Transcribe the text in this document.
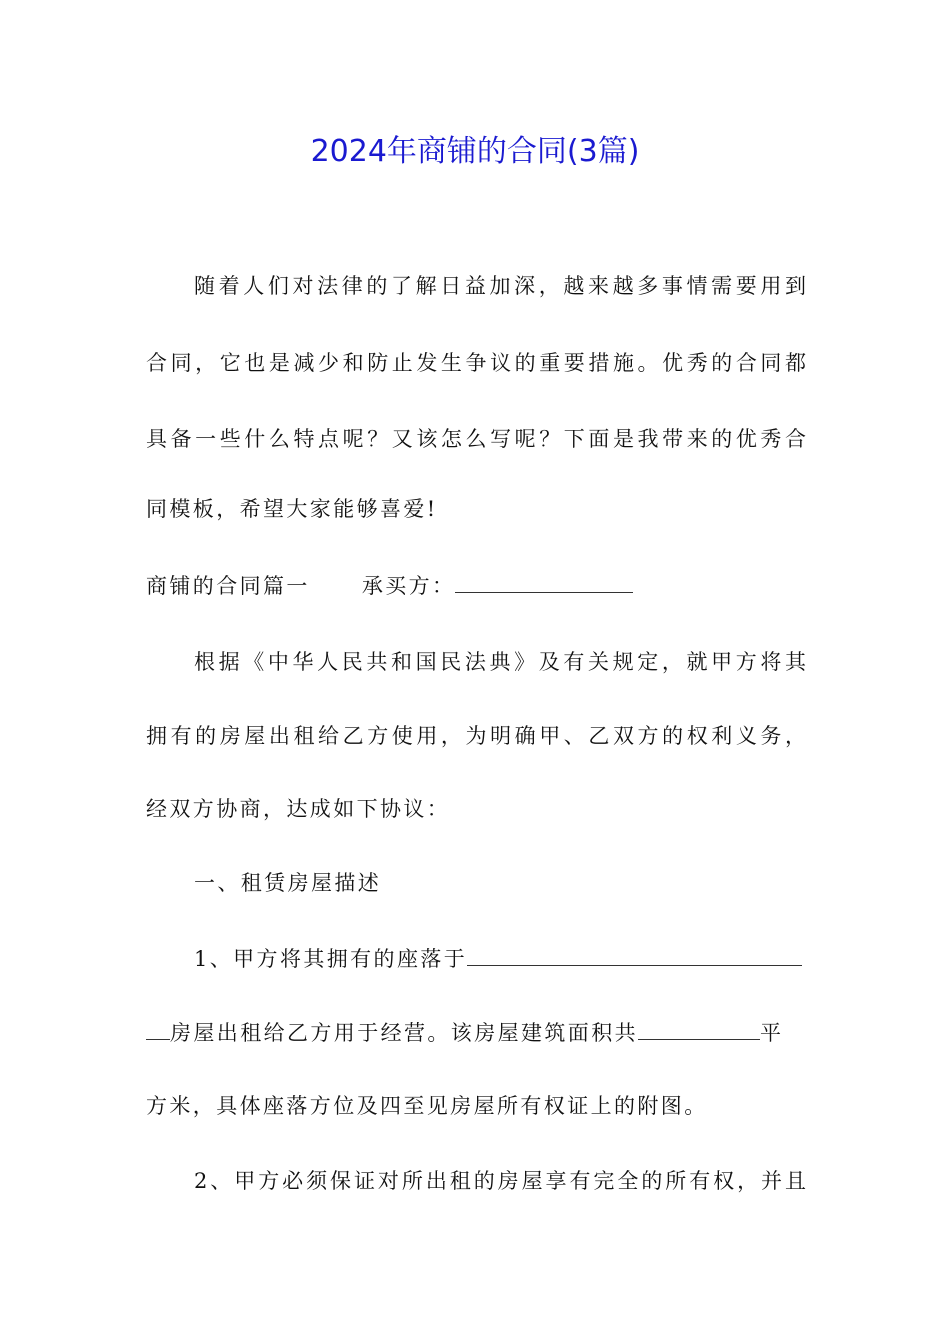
2024年商铺的合同(3篇)
随着人们对法律的了解日益加深，越来越多事情需要用到
合同，它也是减少和防止发生争议的重要措施。优秀的合同都
具备一些什么特点呢？又该怎么写呢？下面是我带来的优秀合
同模板，希望大家能够喜爱!
商铺的合同篇一 承买方：
根据《中华人民共和国民法典》及有关规定，就甲方将其
拥有的房屋出租给乙方使用，为明确甲、乙双方的权利义务，
经双方协商，达成如下协议：
一、租赁房屋描述
1、甲方将其拥有的座落于
房屋出租给乙方用于经营。该房屋建筑面积共	平
方米，具体座落方位及四至见房屋所有权证上的附图。
2、甲方必须保证对所出租的房屋享有完全的所有权，并且
